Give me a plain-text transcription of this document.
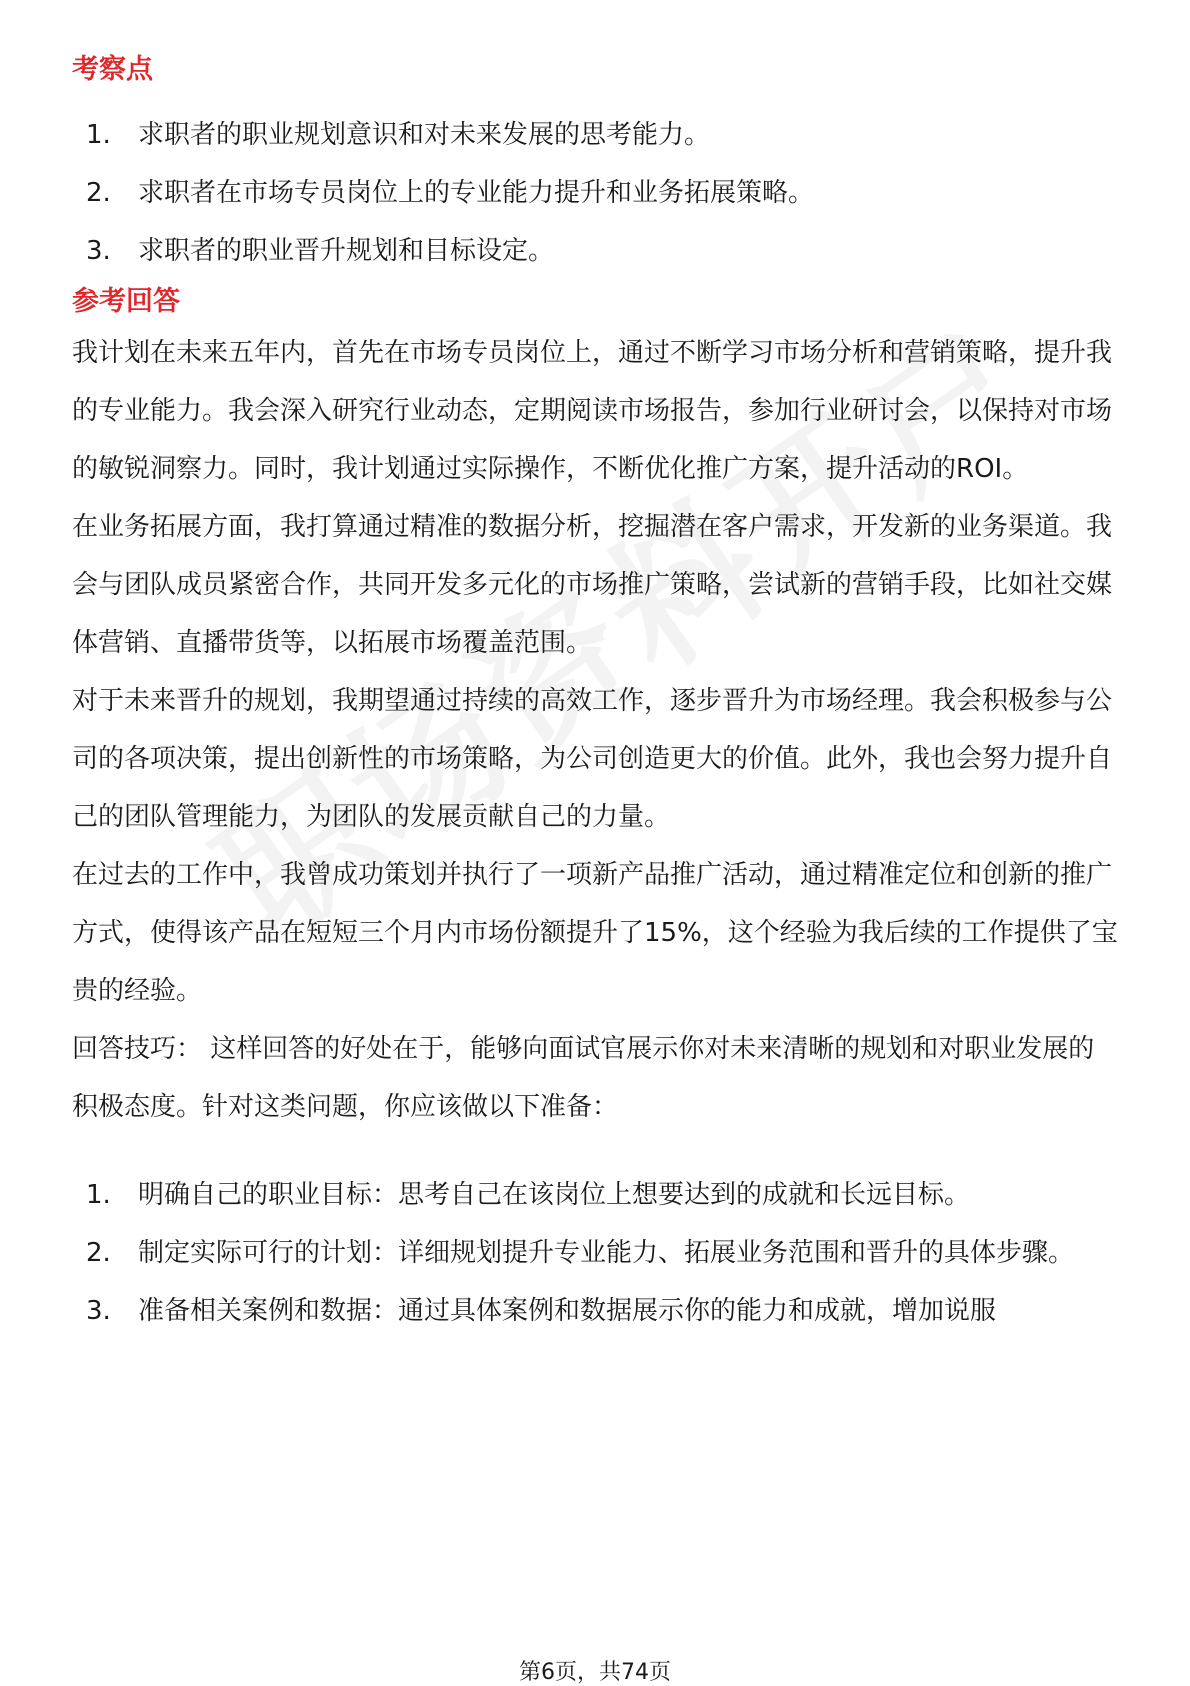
考察点
1.	求职者的职业规划意识和对未来发展的思考能力。
2.	求职者在市场专员岗位上的专业能力提升和业务拓展策略。
3.	求职者的职业晋升规划和目标设定。
参考回答

我计划在未来五年内，首先在市场专员岗位上，通过不断学习市场分析和营销策略，提升我的专业能力。我会深入研究行业动态，定期阅读市场报告，参加行业研讨会，以保持对市场的敏锐洞察力。同时，我计划通过实际操作，不断优化推广方案，提升活动的ROI。

在业务拓展方面，我打算通过精准的数据分析，挖掘潜在客户需求，开发新的业务渠道。我会与团队成员紧密合作，共同开发多元化的市场推广策略，尝试新的营销手段，比如社交媒体营销、直播带货等，以拓展市场覆盖范围。

对于未来晋升的规划，我期望通过持续的高效工作，逐步晋升为市场经理。我会积极参与公司的各项决策，提出创新性的市场策略，为公司创造更大的价值。此外，我也会努力提升自己的团队管理能力，为团队的发展贡献自己的力量。

在过去的工作中，我曾成功策划并执行了一项新产品推广活动，通过精准定位和创新的推广方式，使得该产品在短短三个月内市场份额提升了15%，这个经验为我后续的工作提供了宝贵的经验。

回答技巧： 这样回答的好处在于，能够向面试官展示你对未来清晰的规划和对职业发展的积极态度。针对这类问题，你应该做以下准备：

1.	明确自己的职业目标：思考自己在该岗位上想要达到的成就和长远目标。
2.	制定实际可行的计划：详细规划提升专业能力、拓展业务范围和晋升的具体步骤。
3.	准备相关案例和数据：通过具体案例和数据展示你的能力和成就，增加说服
第6页，共74页
